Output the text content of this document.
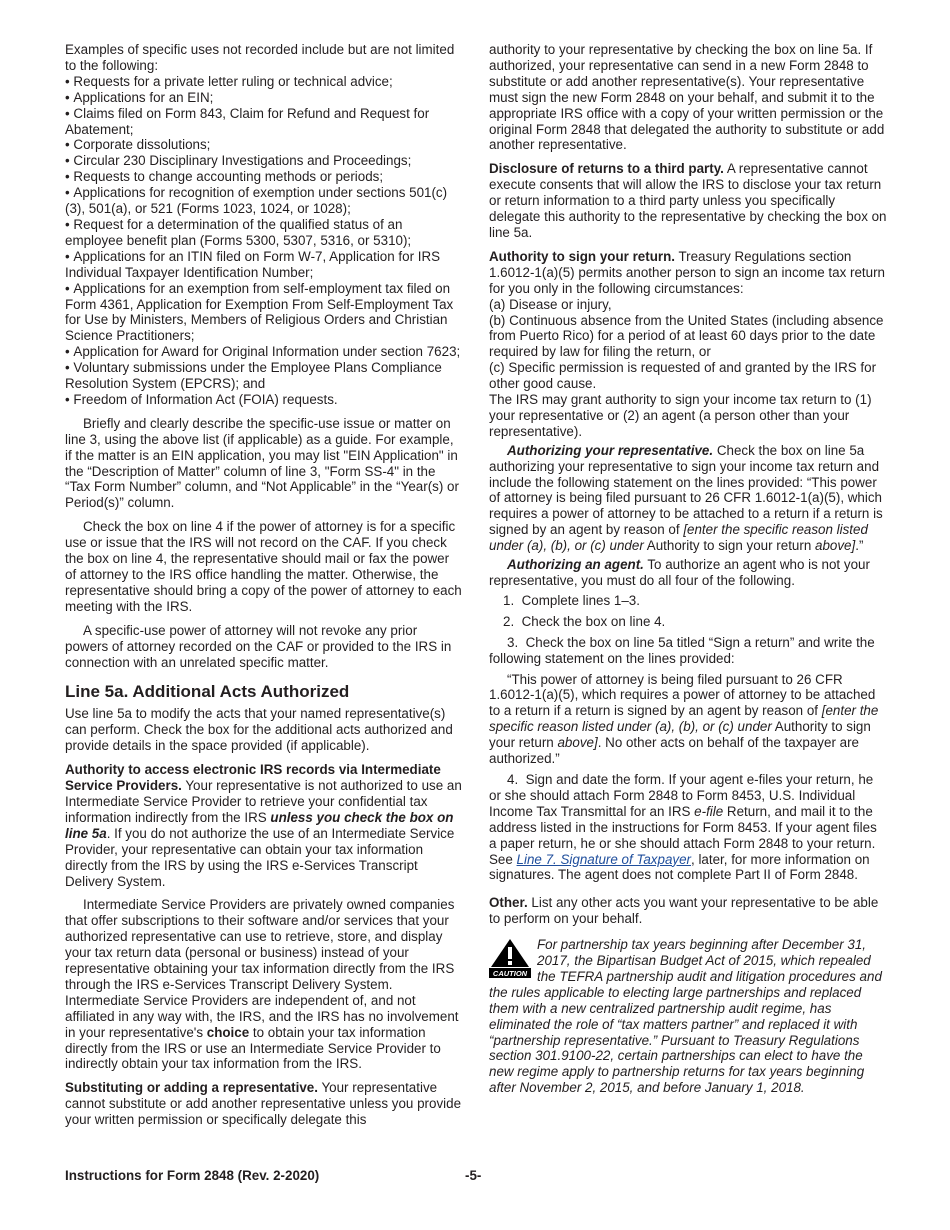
Examples of specific uses not recorded include but are not limited to the following:

• Requests for a private letter ruling or technical advice;

• Applications for an EIN;

• Claims filed on Form 843, Claim for Refund and Request for Abatement;

• Corporate dissolutions;

• Circular 230 Disciplinary Investigations and Proceedings;

• Requests to change accounting methods or periods;

• Applications for recognition of exemption under sections 501(c)(3), 501(a), or 521 (Forms 1023, 1024, or 1028);

• Request for a determination of the qualified status of an employee benefit plan (Forms 5300, 5307, 5316, or 5310);

• Applications for an ITIN filed on Form W-7, Application for IRS Individual Taxpayer Identification Number;

• Applications for an exemption from self-employment tax filed on Form 4361, Application for Exemption From Self-Employment Tax for Use by Ministers, Members of Religious Orders and Christian Science Practitioners;

• Application for Award for Original Information under section 7623;

• Voluntary submissions under the Employee Plans Compliance Resolution System (EPCRS); and

• Freedom of Information Act (FOIA) requests.

Briefly and clearly describe the specific-use issue or matter on line 3, using the above list (if applicable) as a guide. For example, if the matter is an EIN application, you may list "EIN Application" in the “Description of Matter” column of line 3, "Form SS-4" in the “Tax Form Number” column, and “Not Applicable” in the “Year(s) or Period(s)” column.

Check the box on line 4 if the power of attorney is for a specific use or issue that the IRS will not record on the CAF. If you check the box on line 4, the representative should mail or fax the power of attorney to the IRS office handling the matter. Otherwise, the representative should bring a copy of the power of attorney to each meeting with the IRS.

A specific-use power of attorney will not revoke any prior powers of attorney recorded on the CAF or provided to the IRS in connection with an unrelated specific matter.

Line 5a. Additional Acts Authorized

Use line 5a to modify the acts that your named representative(s) can perform. Check the box for the additional acts authorized and provide details in the space provided (if applicable).

Authority to access electronic IRS records via Intermediate Service Providers. Your representative is not authorized to use an Intermediate Service Provider to retrieve your confidential tax information indirectly from the IRS unless you check the box on line 5a. If you do not authorize the use of an Intermediate Service Provider, your representative can obtain your tax information directly from the IRS by using the IRS e-Services Transcript Delivery System.

Intermediate Service Providers are privately owned companies that offer subscriptions to their software and/or services that your authorized representative can use to retrieve, store, and display your tax return data (personal or business) instead of your representative obtaining your tax information directly from the IRS through the IRS e-Services Transcript Delivery System. Intermediate Service Providers are independent of, and not affiliated in any way with, the IRS, and the IRS has no involvement in your representative's choice to obtain your tax information directly from the IRS or use an Intermediate Service Provider to indirectly obtain your tax information from the IRS.

Substituting or adding a representative. Your representative cannot substitute or add another representative unless you provide your written permission or specifically delegate this

authority to your representative by checking the box on line 5a. If authorized, your representative can send in a new Form 2848 to substitute or add another representative(s). Your representative must sign the new Form 2848 on your behalf, and submit it to the appropriate IRS office with a copy of your written permission or the original Form 2848 that delegated the authority to substitute or add another representative.

Disclosure of returns to a third party. A representative cannot execute consents that will allow the IRS to disclose your tax return or return information to a third party unless you specifically delegate this authority to the representative by checking the box on line 5a.

Authority to sign your return. Treasury Regulations section 1.6012-1(a)(5) permits another person to sign an income tax return for you only in the following circumstances:

(a) Disease or injury,

(b) Continuous absence from the United States (including absence from Puerto Rico) for a period of at least 60 days prior to the date required by law for filing the return, or

(c) Specific permission is requested of and granted by the IRS for other good cause.

The IRS may grant authority to sign your income tax return to (1) your representative or (2) an agent (a person other than your representative).

Authorizing your representative. Check the box on line 5a authorizing your representative to sign your income tax return and include the following statement on the lines provided: “This power of attorney is being filed pursuant to 26 CFR 1.6012-1(a)(5), which requires a power of attorney to be attached to a return if a return is signed by an agent by reason of [enter the specific reason listed under (a), (b), or (c) under Authority to sign your return above].”

Authorizing an agent. To authorize an agent who is not your representative, you must do all four of the following.

1.  Complete lines 1–3.

2.  Check the box on line 4.

3.  Check the box on line 5a titled “Sign a return” and write the following statement on the lines provided:

“This power of attorney is being filed pursuant to 26 CFR 1.6012-1(a)(5), which requires a power of attorney to be attached to a return if a return is signed by an agent by reason of [enter the specific reason listed under (a), (b), or (c) under Authority to sign your return above]. No other acts on behalf of the taxpayer are authorized.”

4.  Sign and date the form. If your agent e-files your return, he or she should attach Form 2848 to Form 8453, U.S. Individual Income Tax Transmittal for an IRS e-file Return, and mail it to the address listed in the instructions for Form 8453. If your agent files a paper return, he or she should attach Form 2848 to your return. See Line 7. Signature of Taxpayer, later, for more information on signatures. The agent does not complete Part II of Form 2848.

Other. List any other acts you want your representative to be able to perform on your behalf.

CAUTION
For partnership tax years beginning after December 31, 2017, the Bipartisan Budget Act of 2015, which repealed the TEFRA partnership audit and litigation procedures and the rules applicable to electing large partnerships and replaced them with a new centralized partnership audit regime, has eliminated the role of “tax matters partner” and replaced it with “partnership representative.” Pursuant to Treasury Regulations section 301.9100-22, certain partnerships can elect to have the new regime apply to partnership returns for tax years beginning after November 2, 2015, and before January 1, 2018.
Instructions for Form 2848 (Rev. 2-2020)	-5-
